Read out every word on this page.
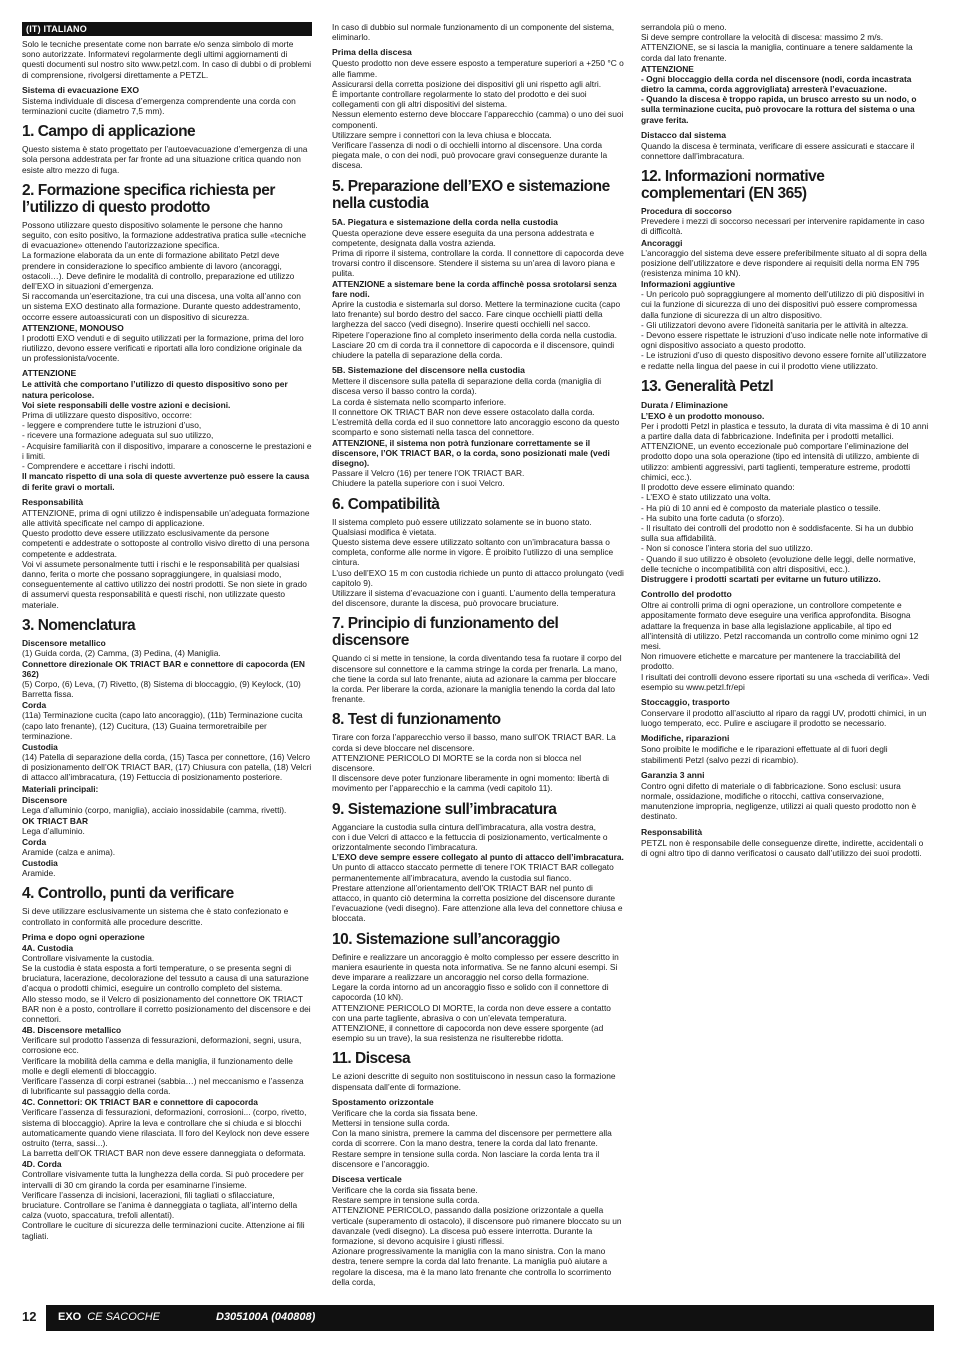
(IT) ITALIANO

Solo le tecniche presentate come non barrate e/o senza simbolo di morte sono autorizzate. Informatevi regolarmente degli ultimi aggiornamenti di questi documenti sul nostro sito www.petzl.com. In caso di dubbi o di problemi di comprensione, rivolgersi direttamente a PETZL.

Sistema di evacuazione EXO

Sistema individuale di discesa d’emergenza comprendente una corda con terminazioni cucite (diametro 7,5 mm).

1. Campo di applicazione

Questo sistema è stato progettato per l’autoevacuazione d’emergenza di una sola persona addestrata per far fronte ad una situazione critica quando non esiste altro mezzo di fuga.

2. Formazione specifica richiesta per l’utilizzo di questo prodotto

Possono utilizzare questo dispositivo solamente le persone che hanno seguito, con esito positivo, la formazione addestrativa pratica sulle «tecniche di evacuazione» ottenendo l’autorizzazione specifica.
La formazione elaborata da un ente di formazione abilitato Petzl deve prendere in considerazione lo specifico ambiente di lavoro (ancoraggi, ostacoli…). Deve definire le modalità di controllo, preparazione ed utilizzo dell’EXO in situazioni d’emergenza.
Si raccomanda un’esercitazione, tra cui una discesa, una volta all’anno con un sistema EXO destinato alla formazione. Durante questo addestramento, occorre essere autoassicurati con un dispositivo di sicurezza.

ATTENZIONE, MONOUSO

I prodotti EXO venduti e di seguito utilizzati per la formazione, prima del loro riutilizzo, devono essere verificati e riportati alla loro condizione originale da un professionista/vocente.

ATTENZIONE

Le attività che comportano l’utilizzo di questo dispositivo sono per natura pericolose.
Voi siete responsabili delle vostre azioni e decisioni.

Prima di utilizzare questo dispositivo, occorre:
- leggere e comprendere tutte le istruzioni d’uso,
- ricevere una formazione adeguata sul suo utilizzo,
- Acquisire familiarità con il dispositivo, imparare a conoscerne le prestazioni e i limiti.
- Comprendere e accettare i rischi indotti.

Il mancato rispetto di una sola di queste avvertenze può essere la causa di ferite gravi o mortali.

Responsabilità

ATTENZIONE, prima di ogni utilizzo è indispensabile un’adeguata formazione alle attività specificate nel campo di applicazione.
Questo prodotto deve essere utilizzato esclusivamente da persone competenti e addestrate o sottoposte al controllo visivo diretto di una persona competente e addestrata.
Voi vi assumete personalmente tutti i rischi e le responsabilità per qualsiasi danno, ferita o morte che possano sopraggiungere, in qualsiasi modo, conseguentemente al cattivo utilizzo dei nostri prodotti. Se non siete in grado di assumervi questa responsabilità e questi rischi, non utilizzate questo materiale.

3. Nomenclatura
Discensore metallico

(1) Guida corda, (2) Camma, (3) Pedina, (4) Maniglia.

Connettore direzionale OK TRIACT BAR e connettore di capocorda (EN 362)

(5) Corpo, (6) Leva, (7) Rivetto, (8) Sistema di bloccaggio, (9) Keylock, (10) Barretta fissa.

Corda

(11a) Terminazione cucita (capo lato ancoraggio), (11b) Terminazione cucita (capo lato frenante), (12) Cucitura, (13) Guaina termoretraibile per terminazione.

Custodia

(14) Patella di separazione della corda, (15) Tasca per connettore, (16) Velcro di posizionamento dell’OK TRIACT BAR, (17) Chiusura con patella, (18) Velcri di attacco all’imbracatura, (19) Fettuccia di posizionamento posteriore.

Materiali principali:
Discensore

Lega d’alluminio (corpo, maniglia), acciaio inossidabile (camma, rivetti).

OK TRIACT BAR

Lega d’alluminio.

Corda

Aramide (calza e anima).

Custodia

Aramide.

4. Controllo, punti da verificare

Si deve utilizzare esclusivamente un sistema che è stato confezionato e controllato in conformità alle procedure descritte.

Prima e dopo ogni operazione
4A. Custodia

Controllare visivamente la custodia.
Se la custodia è stata esposta a forti temperature, o se presenta segni di bruciatura, lacerazione, decolorazione del tessuto a causa di una saturazione d’acqua o prodotti chimici, eseguire un controllo completo del sistema.
Allo stesso modo, se il Velcro di posizionamento del connettore OK TRIACT BAR non è a posto, controllare il corretto posizionamento del discensore e dei connettori.

4B. Discensore metallico

Verificare sul prodotto l’assenza di fessurazioni, deformazioni, segni, usura, corrosione ecc.
Verificare la mobilità della camma e della maniglia, il funzionamento delle molle e degli elementi di bloccaggio.
Verificare l’assenza di corpi estranei (sabbia…) nel meccanismo e l’assenza di lubrificante sul passaggio della corda.

4C. Connettori: OK TRIACT BAR e connettore di capocorda

Verificare l’assenza di fessurazioni, deformazioni, corrosioni... (corpo, rivetto, sistema di bloccaggio). Aprire la leva e controllare che si chiuda e si blocchi automaticamente quando viene rilasciata. Il foro del Keylock non deve essere ostruito (terra, sassi...).
La barretta dell’OK TRIACT BAR non deve essere danneggiata o deformata.

4D. Corda

Controllare visivamente tutta la lunghezza della corda. Si può procedere per intervalli di 30 cm girando la corda per esaminarne l’insieme.
Verificare l’assenza di incisioni, lacerazioni, fili tagliati o sfilacciature, bruciature. Controllare se l’anima è danneggiata o tagliata, all’interno della calza (vuoto, spaccatura, trefoli allentati).
Controllare le cuciture di sicurezza delle terminazioni cucite. Attenzione ai fili tagliati.

In caso di dubbio sul normale funzionamento di un componente del sistema, eliminarlo.

Prima della discesa

Questo prodotto non deve essere esposto a temperature superiori a +250 °C o alle fiamme.
Assicurarsi della corretta posizione dei dispositivi gli uni rispetto agli altri.
È importante controllare regolarmente lo stato del prodotto e dei suoi collegamenti con gli altri dispositivi del sistema.
Nessun elemento esterno deve bloccare l’apparecchio (camma) o uno dei suoi componenti.
Utilizzare sempre i connettori con la leva chiusa e bloccata.
Verificare l’assenza di nodi o di occhielli intorno al discensore. Una corda piegata male, o con dei nodi, può provocare gravi conseguenze durante la discesa.

5. Preparazione dell’EXO e sistemazione nella custodia
5A. Piegatura e sistemazione della corda nella custodia

Questa operazione deve essere eseguita da una persona addestrata e competente, designata dalla vostra azienda.
Prima di riporre il sistema, controllare la corda. Il connettore di capocorda deve trovarsi contro il discensore. Stendere il sistema su un’area di lavoro piana e pulita.

ATTENZIONE a sistemare bene la corda affinchè possa srotolarsi senza fare nodi.

Aprire la custodia e sistemarla sul dorso. Mettere la terminazione cucita (capo lato frenante) sul bordo destro del sacco. Fare cinque occhielli piatti della larghezza del sacco (vedi disegno). Inserire questi occhielli nel sacco. Ripetere l’operazione fino al completo inserimento della corda nella custodia.
Lasciare 20 cm di corda tra il connettore di capocorda e il discensore, quindi chiudere la patella di separazione della corda.

5B. Sistemazione del discensore nella custodia

Mettere il discensore sulla patella di separazione della corda (maniglia di discesa verso il basso contro la corda).
La corda è sistemata nello scomparto inferiore.
Il connettore OK TRIACT BAR non deve essere ostacolato dalla corda.
L’estremità della corda ed il suo connettore lato ancoraggio escono da questo scomparto e sono sistemati nella tasca del connettore.

ATTENZIONE, il sistema non potrà funzionare correttamente se il discensore, l’OK TRIACT BAR, o la corda, sono posizionati male (vedi disegno).

Passare il Velcro (16) per tenere l’OK TRIACT BAR.
Chiudere la patella superiore con i suoi Velcro.

6. Compatibilità

Il sistema completo può essere utilizzato solamente se in buono stato. Qualsiasi modifica è vietata.
Questo sistema deve essere utilizzato soltanto con un’imbracatura bassa o completa, conforme alle norme in vigore. È proibito l’utilizzo di una semplice cintura.
L’uso dell’EXO 15 m con custodia richiede un punto di attacco prolungato (vedi capitolo 9).
Utilizzare il sistema d’evacuazione con i guanti. L’aumento della temperatura del discensore, durante la discesa, può provocare bruciature.

7. Principio di funzionamento del discensore

Quando ci si mette in tensione, la corda diventando tesa fa ruotare il corpo del discensore sul connettore e la camma stringe la corda per frenarla. La mano, che tiene la corda sul lato frenante, aiuta ad azionare la camma per bloccare la corda. Per liberare la corda, azionare la maniglia tenendo la corda dal lato frenante.

8. Test di funzionamento

Tirare con forza l’apparecchio verso il basso, mano sull’OK TRIACT BAR. La corda si deve bloccare nel discensore.
ATTENZIONE PERICOLO DI MORTE se la corda non si blocca nel discensore.
Il discensore deve poter funzionare liberamente in ogni momento: libertà di movimento per l’apparecchio e la camma (vedi capitolo 11).

9. Sistemazione sull’imbracatura

Agganciare la custodia sulla cintura dell’imbracatura, alla vostra destra,
con i due Velcri di attacco e la fettuccia di posizionamento, verticalmente o orizzontalmente secondo l’imbracatura.

L’EXO deve sempre essere collegato al punto di attacco dell’imbracatura.

Un punto di attacco staccato permette di tenere l’OK TRIACT BAR collegato permanentemente all’imbracatura, avendo la custodia sul fianco.
Prestare attenzione all’orientamento dell’OK TRIACT BAR nel punto di attacco, in quanto ciò determina la corretta posizione del discensore durante l’evacuazione (vedi disegno). Fare attenzione alla leva del connettore chiusa e bloccata.

10. Sistemazione sull’ancoraggio

Definire e realizzare un ancoraggio è molto complesso per essere descritto in maniera esauriente in questa nota informativa. Se ne fanno alcuni esempi. Si deve imparare a realizzare un ancoraggio nel corso della formazione.
Legare la corda intorno ad un ancoraggio fisso e solido con il connettore di capocorda (10 kN).
ATTENZIONE PERICOLO DI MORTE, la corda non deve essere a contatto con una parte tagliente, abrasiva o con un’elevata temperatura.
ATTENZIONE, il connettore di capocorda non deve essere sporgente (ad esempio su un trave), la sua resistenza ne risulterebbe ridotta.

11. Discesa

Le azioni descritte di seguito non sostituiscono in nessun caso la formazione dispensata dall’ente di formazione.

Spostamento orizzontale

Verificare che la corda sia fissata bene.
Mettersi in tensione sulla corda.
Con la mano sinistra, premere la camma del discensore per permettere alla corda di scorrere. Con la mano destra, tenere la corda dal lato frenante. Restare sempre in tensione sulla corda. Non lasciare la corda lenta tra il discensore e l’ancoraggio.

Discesa verticale

Verificare che la corda sia fissata bene.
Restare sempre in tensione sulla corda.
ATTENZIONE PERICOLO, passando dalla posizione orizzontale a quella verticale (superamento di ostacolo), il discensore può rimanere bloccato su un davanzale (vedi disegno). La discesa può essere interrotta. Durante la formazione, si devono acquisire i giusti riflessi.
Azionare progressivamente la maniglia con la mano sinistra. Con la mano destra, tenere sempre la corda dal lato frenante. La maniglia può aiutare a regolare la discesa, ma è la mano lato frenante che controlla lo scorrimento della corda,

serrandola più o meno.
Si deve sempre controllare la velocità di discesa: massimo 2 m/s.
ATTENZIONE, se si lascia la maniglia, continuare a tenere saldamente la corda dal lato frenante.

ATTENZIONE

- Ogni bloccaggio della corda nel discensore (nodi, corda incastrata dietro la camma, corda aggrovigliata) arresterà l’evacuazione.
- Quando la discesa è troppo rapida, un brusco arresto su un nodo, o sulla terminazione cucita, può provocare la rottura del sistema o una grave ferita.

Distacco dal sistema

Quando la discesa è terminata, verificare di essere assicurati e staccare il connettore dall’imbracatura.

12. Informazioni normative complementari (EN 365)
Procedura di soccorso

Prevedere i mezzi di soccorso necessari per intervenire rapidamente in caso di difficoltà.

Ancoraggi

L’ancoraggio del sistema deve essere preferibilmente situato al di sopra della posizione dell’utilizzatore e deve rispondere ai requisiti della norma EN 795 (resistenza minima 10 kN).

Informazioni aggiuntive

- Un pericolo può sopraggiungere al momento dell’utilizzo di più dispositivi in cui la funzione di sicurezza di uno dei dispositivi può essere compromessa dalla funzione di sicurezza di un altro dispositivo.
- Gli utilizzatori devono avere l’idoneità sanitaria per le attività in altezza.
- Devono essere rispettate le istruzioni d’uso indicate nelle note informative di ogni dispositivo associato a questo prodotto.
- Le istruzioni d’uso di questo dispositivo devono essere fornite all’utilizzatore e redatte nella lingua del paese in cui il prodotto viene utilizzato.

13. Generalità Petzl
Durata / Eliminazione
L’EXO è un prodotto monouso.

Per i prodotti Petzl in plastica e tessuto, la durata di vita massima è di 10 anni a partire dalla data di fabbricazione. Indefinita per i prodotti metallici.
ATTENZIONE, un evento eccezionale può comportare l’eliminazione del prodotto dopo una sola operazione (tipo ed intensità di utilizzo, ambiente di utilizzo: ambienti aggressivi, parti taglienti, temperature estreme, prodotti chimici, ecc.).
Il prodotto deve essere eliminato quando:
- L’EXO è stato utilizzato una volta.
- Ha più di 10 anni ed è composto da materiale plastico o tessile.
- Ha subito una forte caduta (o sforzo).
- Il risultato dei controlli del prodotto non è soddisfacente. Si ha un dubbio sulla sua affidabilità.
- Non si conosce l’intera storia del suo utilizzo.
- Quando il suo utilizzo è obsoleto (evoluzione delle leggi, delle normative, delle tecniche o incompatibilità con altri dispositivi, ecc.).

Distruggere i prodotti scartati per evitarne un futuro utilizzo.

Controllo del prodotto

Oltre ai controlli prima di ogni operazione, un controllore competente e appositamente formato deve eseguire una verifica approfondita. Bisogna adattare la frequenza in base alla legislazione applicabile, al tipo ed all’intensità di utilizzo. Petzl raccomanda un controllo come minimo ogni 12 mesi.
Non rimuovere etichette e marcature per mantenere la tracciabilità del prodotto.
I risultati dei controlli devono essere riportati su una «scheda di verifica». Vedi esempio su www.petzl.fr/epi

Stoccaggio, trasporto

Conservare il prodotto all’asciutto al riparo da raggi UV, prodotti chimici, in un luogo temperato, ecc. Pulire e asciugare il prodotto se necessario.

Modifiche, riparazioni

Sono proibite le modifiche e le riparazioni effettuate al di fuori degli stabilimenti Petzl (salvo pezzi di ricambio).

Garanzia 3 anni

Contro ogni difetto di materiale o di fabbricazione. Sono esclusi: usura normale, ossidazione, modifiche o ritocchi, cattiva conservazione, manutenzione impropria, negligenze, utilizzi ai quali questo prodotto non è destinato.

Responsabilità

PETZL non è responsabile delle conseguenze dirette, indirette, accidentali o di ogni altro tipo di danno verificatosi o causato dall’utilizzo dei suoi prodotti.

12 EXO CE SACOCHE	D305100A (040808)
